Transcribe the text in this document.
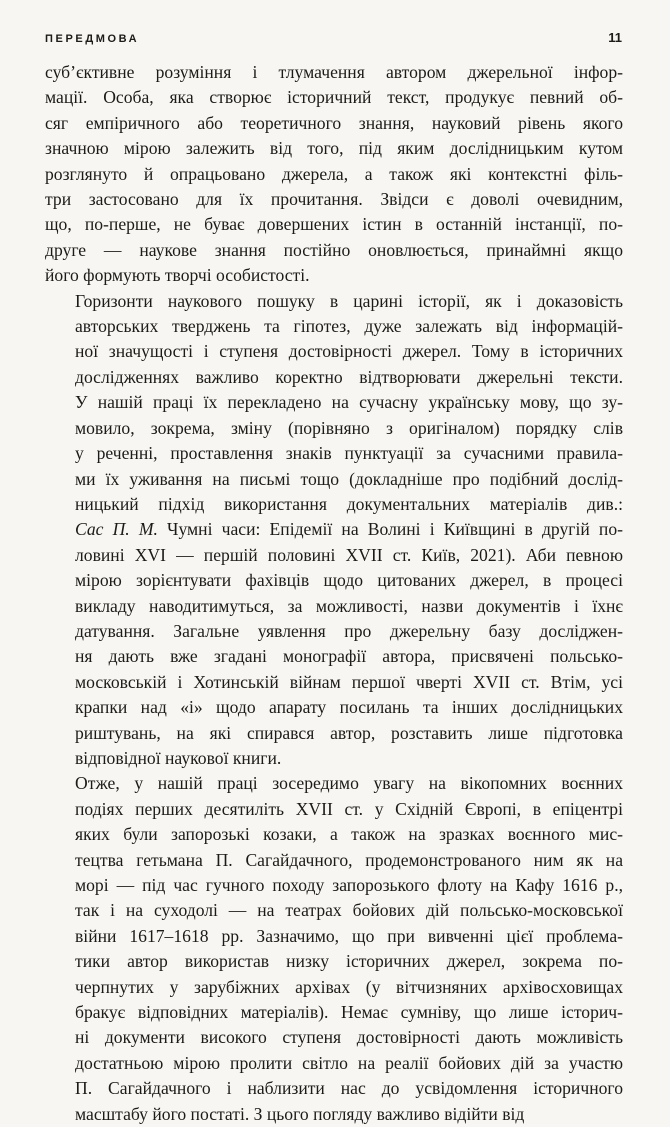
ПЕРЕДМОВА	11

суб’єктивне розуміння і тлумачення автором джерельної інфор-
мації. Особа, яка створює історичний текст, продукує певний об-
сяг емпіричного або теоретичного знання, науковий рівень якого
значною мірою залежить від того, під яким дослідницьким кутом
розглянуто й опрацьовано джерела, а також які контекстні філь-
три застосовано для їх прочитання. Звідси є доволі очевидним,
що, по-перше, не буває довершених істин в останній інстанції, по-
друге — наукове знання постійно оновлюється, принаймні якщо
його формують творчі особистості.

Горизонти наукового пошуку в царині історії, як і доказовість
авторських тверджень та гіпотез, дуже залежать від інформацій-
ної значущості і ступеня достовірності джерел. Тому в історичних
дослідженнях важливо коректно відтворювати джерельні тексти.
У нашій праці їх перекладено на сучасну українську мову, що зу-
мовило, зокрема, зміну (порівняно з оригіналом) порядку слів
у реченні, проставлення знаків пунктуації за сучасними правила-
ми їх уживання на письмі тощо (докладніше про подібний дослід-
ницький підхід використання документальних матеріалів див.:
Сас П. М. Чумні часи: Епідемії на Волині і Київщині в другій по-
ловині XVI — першій половині XVII ст. Київ, 2021). Аби певною
мірою зорієнтувати фахівців щодо цитованих джерел, в процесі
викладу наводитимуться, за можливості, назви документів і їхнє
датування. Загальне уявлення про джерельну базу досліджен-
ня дають вже згадані монографії автора, присвячені польсько-
московській і Хотинській війнам першої чверті XVII ст. Втім, усі
крапки над «і» щодо апарату посилань та інших дослідницьких
риштувань, на які спирався автор, розставить лише підготовка
відповідної наукової книги.

Отже, у нашій праці зосередимо увагу на вікопомних воєнних
подіях перших десятиліть XVII ст. у Східній Європі, в епіцентрі
яких були запорозькі козаки, а також на зразках воєнного мис-
тецтва гетьмана П. Сагайдачного, продемонстрованого ним як на
морі — під час гучного походу запорозького флоту на Кафу 1616 р.,
так і на суходолі — на театрах бойових дій польсько-московської
війни 1617–1618 рр. Зазначимо, що при вивченні цієї проблема-
тики автор використав низку історичних джерел, зокрема по-
черпнутих у зарубіжних архівах (у вітчизняних архівосховищах
бракує відповідних матеріалів). Немає сумніву, що лише історич-
ні документи високого ступеня достовірності дають можливість
достатньою мірою пролити світло на реалії бойових дій за участю
П. Сагайдачного і наблизити нас до усвідомлення історичного
масштабу його постаті. З цього погляду важливо відійти від
